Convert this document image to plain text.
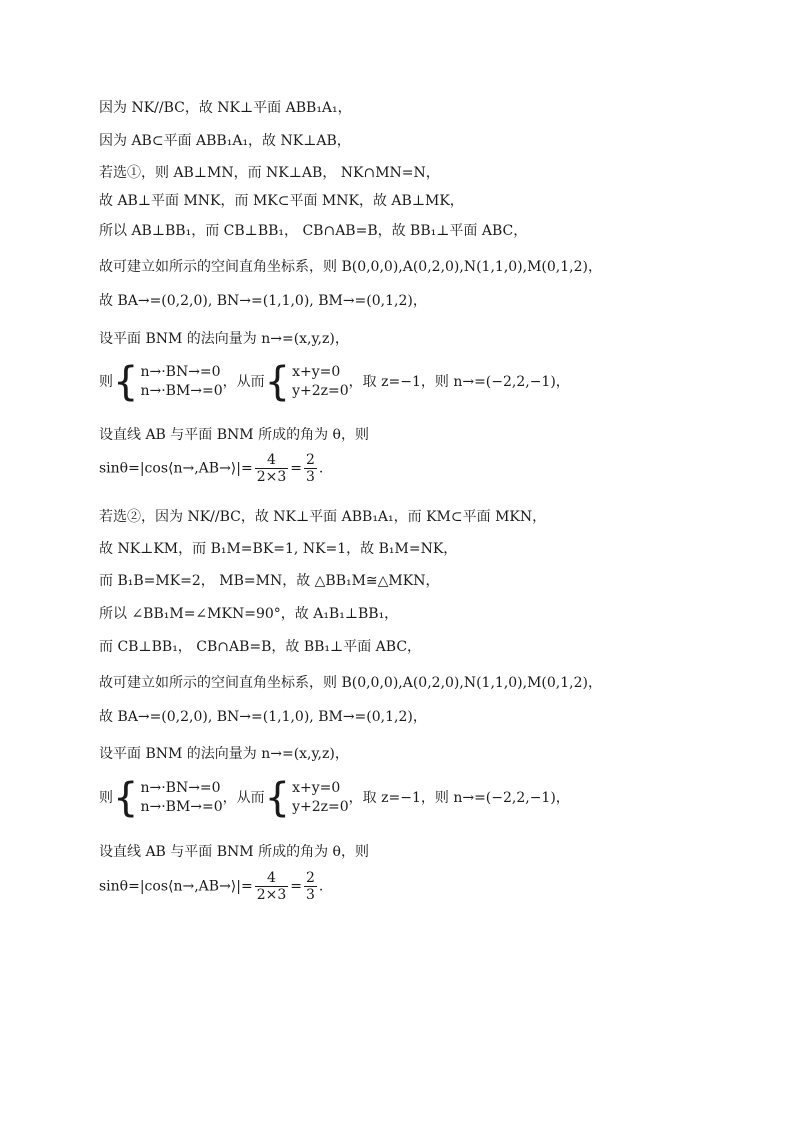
因为 NK//BC，故 NK⊥平面 ABB₁A₁，
因为 AB⊂平面 ABB₁A₁，故 NK⊥AB，
若选①，则 AB⊥MN，而 NK⊥AB， NK∩MN=N，
故 AB⊥平面 MNK，而 MK⊂平面 MNK，故 AB⊥MK，
所以 AB⊥BB₁，而 CB⊥BB₁， CB∩AB=B，故 BB₁⊥平面 ABC，
故可建立如所示的空间直角坐标系，则 B(0,0,0),A(0,2,0),N(1,1,0),M(0,1,2)，
故 BA→=(0,2,0), BN→=(1,1,0), BM→=(0,1,2)，
设平面 BNM 的法向量为 n→=(x,y,z)，
则{ n→·BN→=0
n→·BM→=0
，从而{ x+y=0
y+2z=0
，取 z=−1，则 n→=(−2,2,−1)，
设直线 AB 与平面 BNM 所成的角为 θ，则
sinθ=|cos⟨n→,AB→⟩|= $\frac{4}{2\times 3} = \frac{2}{3}$ .
若选②，因为 NK//BC，故 NK⊥平面 ABB₁A₁，而 KM⊂平面 MKN，
故 NK⊥KM，而 B₁M=BK=1, NK=1，故 B₁M=NK，
而 B₁B=MK=2， MB=MN，故 △BB₁M≅△MKN，
所以 ∠BB₁M=∠MKN=90°，故 A₁B₁⊥BB₁，
而 CB⊥BB₁， CB∩AB=B，故 BB₁⊥平面 ABC，
故可建立如所示的空间直角坐标系，则 B(0,0,0),A(0,2,0),N(1,1,0),M(0,1,2)，
故 BA→=(0,2,0), BN→=(1,1,0), BM→=(0,1,2)，
设平面 BNM 的法向量为 n→=(x,y,z)，
则{ n→·BN→=0
n→·BM→=0
，从而{ x+y=0
y+2z=0
，取 z=−1，则 n→=(−2,2,−1)，
设直线 AB 与平面 BNM 所成的角为 θ，则
sinθ=|cos⟨n→,AB→⟩|= $\frac{4}{2\times 3} = \frac{2}{3}$ .
